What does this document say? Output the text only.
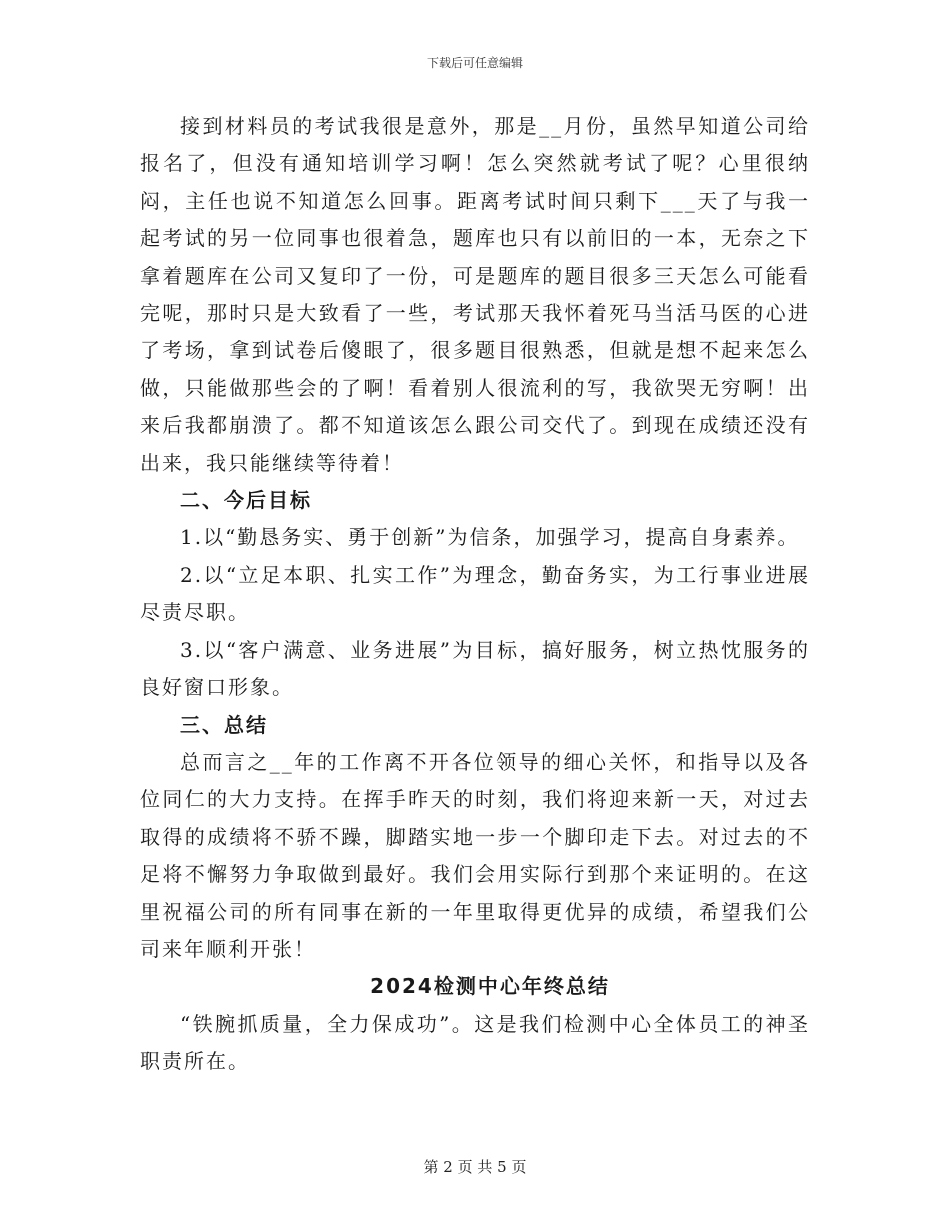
下载后可任意编辑

接到材料员的考试我很是意外，那是__月份，虽然早知道公司给报名了，但没有通知培训学习啊！怎么突然就考试了呢？心里很纳闷，主任也说不知道怎么回事。距离考试时间只剩下___天了与我一起考试的另一位同事也很着急，题库也只有以前旧的一本，无奈之下拿着题库在公司又复印了一份，可是题库的题目很多三天怎么可能看完呢，那时只是大致看了一些，考试那天我怀着死马当活马医的心进了考场，拿到试卷后傻眼了，很多题目很熟悉，但就是想不起来怎么做，只能做那些会的了啊！看着别人很流利的写，我欲哭无穷啊！出来后我都崩溃了。都不知道该怎么跟公司交代了。到现在成绩还没有出来，我只能继续等待着！

二、今后目标

1.以“勤恳务实、勇于创新”为信条，加强学习，提高自身素养。

2.以“立足本职、扎实工作”为理念，勤奋务实，为工行事业进展尽责尽职。

3.以“客户满意、业务进展”为目标，搞好服务，树立热忱服务的良好窗口形象。

三、总结

总而言之__年的工作离不开各位领导的细心关怀，和指导以及各位同仁的大力支持。在挥手昨天的时刻，我们将迎来新一天，对过去取得的成绩将不骄不躁，脚踏实地一步一个脚印走下去。对过去的不足将不懈努力争取做到最好。我们会用实际行到那个来证明的。在这里祝福公司的所有同事在新的一年里取得更优异的成绩，希望我们公司来年顺利开张！

2024检测中心年终总结

“铁腕抓质量，全力保成功”。这是我们检测中心全体员工的神圣职责所在。

第 2 页 共 5 页
